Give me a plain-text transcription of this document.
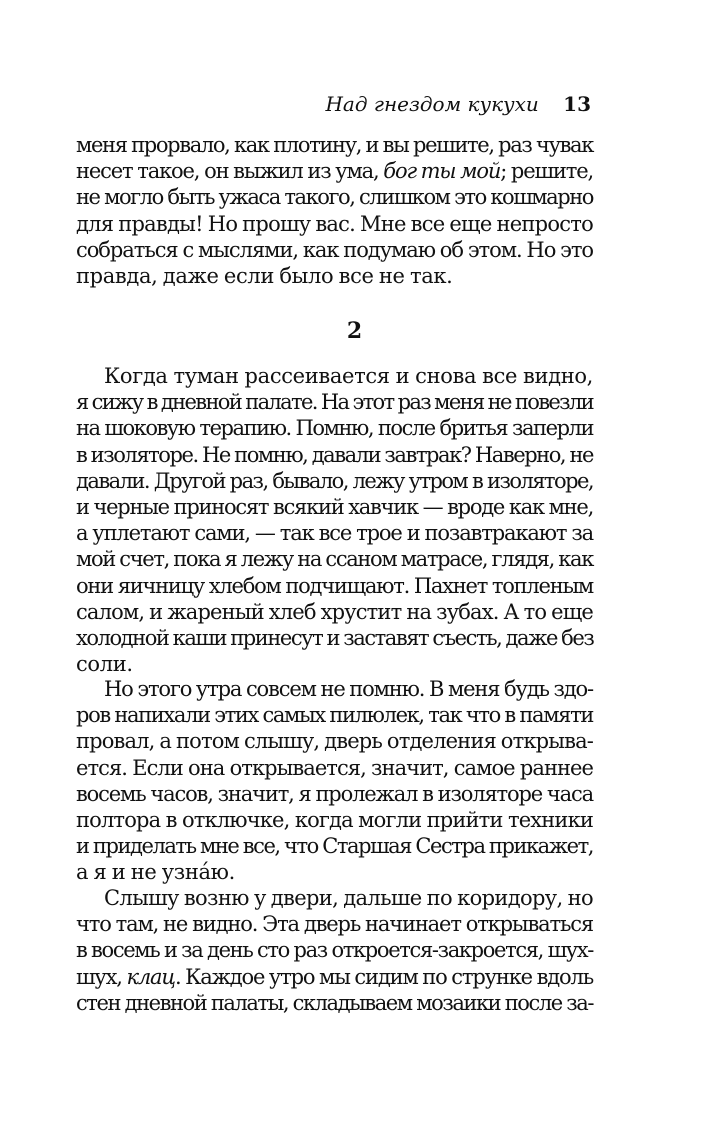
Над гнездом кукухи 13
меня прорвало, как плотину, и вы решите, раз чувак
несет такое, он выжил из ума, бог ты мой; решите,
не могло быть ужаса такого, слишком это кошмарно
для правды! Но прошу вас. Мне все еще непросто
собраться с мыслями, как подумаю об этом. Но это
правда, даже если было все не так.
2
Когда туман рассеивается и снова все видно,
я сижу в дневной палате. На этот раз меня не повезли
на шоковую терапию. Помню, после бритья заперли
в изоляторе. Не помню, давали завтрак? Наверно, не
давали. Другой раз, бывало, лежу утром в изоляторе,
и черные приносят всякий хавчик — вроде как мне,
а уплетают сами, — так все трое и позавтракают за
мой счет, пока я лежу на ссаном матрасе, глядя, как
они яичницу хлебом подчищают. Пахнет топленым
салом, и жареный хлеб хрустит на зубах. А то еще
холодной каши принесут и заставят съесть, даже без
соли.
Но этого утра совсем не помню. В меня будь здо-
ров напихали этих самых пилюлек, так что в памяти
провал, а потом слышу, дверь отделения открыва-
ется. Если она открывается, значит, самое раннее
восемь часов, значит, я пролежал в изоляторе часа
полтора в отключке, когда могли прийти техники
и приделать мне все, что Старшая Сестра прикажет,
а я и не узна́ю.
Слышу возню у двери, дальше по коридору, но
что там, не видно. Эта дверь начинает открываться
в восемь и за день сто раз откроется-закроется, шух-
шух, клац. Каждое утро мы сидим по струнке вдоль
стен дневной палаты, складываем мозаики после за-
